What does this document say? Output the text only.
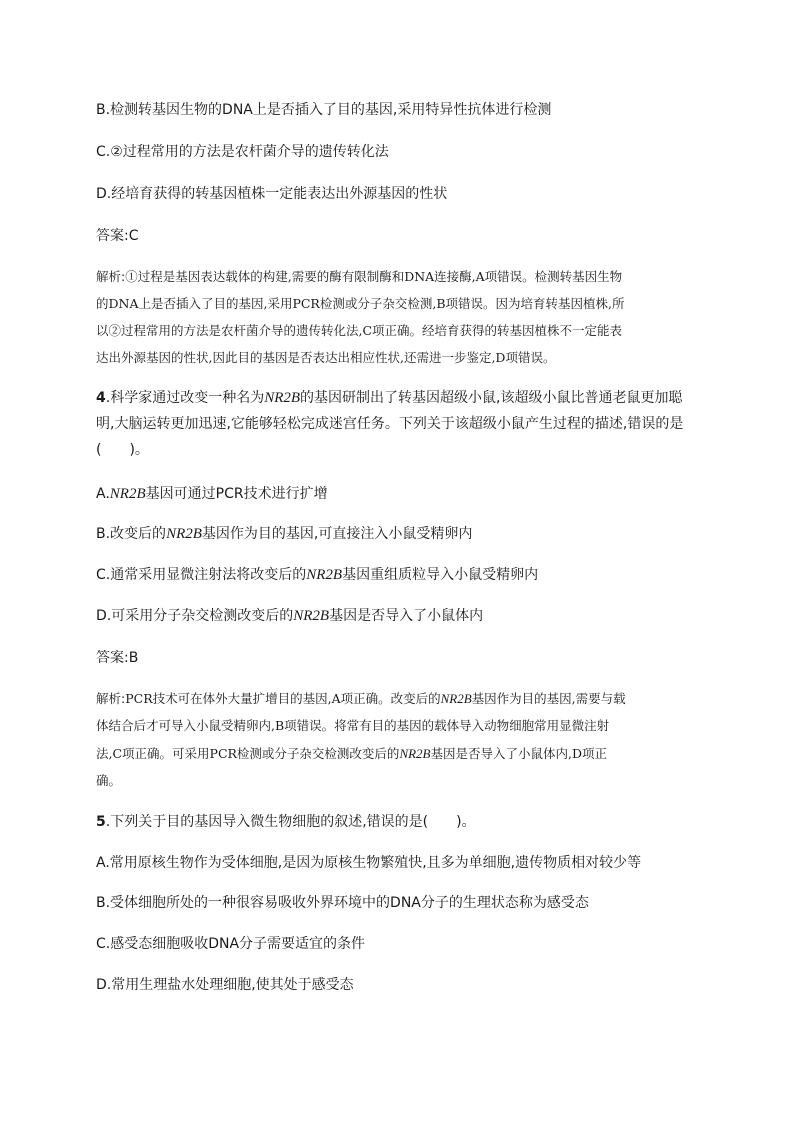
B.检测转基因生物的DNA上是否插入了目的基因,采用特异性抗体进行检测
C.②过程常用的方法是农杆菌介导的遗传转化法
D.经培育获得的转基因植株一定能表达出外源基因的性状
答案:C
解析:①过程是基因表达载体的构建,需要的酶有限制酶和DNA连接酶,A项错误。检测转基因生物
的DNA上是否插入了目的基因,采用PCR检测或分子杂交检测,B项错误。因为培育转基因植株,所
以②过程常用的方法是农杆菌介导的遗传转化法,C项正确。经培育获得的转基因植株不一定能表
达出外源基因的性状,因此目的基因是否表达出相应性状,还需进一步鉴定,D项错误。
4.科学家通过改变一种名为NR2B的基因研制出了转基因超级小鼠,该超级小鼠比普通老鼠更加聪
明,大脑运转更加迅速,它能够轻松完成迷宫任务。下列关于该超级小鼠产生过程的描述,错误的是
(　　)。
A.NR2B基因可通过PCR技术进行扩增
B.改变后的NR2B基因作为目的基因,可直接注入小鼠受精卵内
C.通常采用显微注射法将改变后的NR2B基因重组质粒导入小鼠受精卵内
D.可采用分子杂交检测改变后的NR2B基因是否导入了小鼠体内
答案:B
解析:PCR技术可在体外大量扩增目的基因,A项正确。改变后的NR2B基因作为目的基因,需要与载
体结合后才可导入小鼠受精卵内,B项错误。将常有目的基因的载体导入动物细胞常用显微注射
法,C项正确。可采用PCR检测或分子杂交检测改变后的NR2B基因是否导入了小鼠体内,D项正
确。
5.下列关于目的基因导入微生物细胞的叙述,错误的是(　　)。
A.常用原核生物作为受体细胞,是因为原核生物繁殖快,且多为单细胞,遗传物质相对较少等
B.受体细胞所处的一种很容易吸收外界环境中的DNA分子的生理状态称为感受态
C.感受态细胞吸收DNA分子需要适宜的条件
D.常用生理盐水处理细胞,使其处于感受态
